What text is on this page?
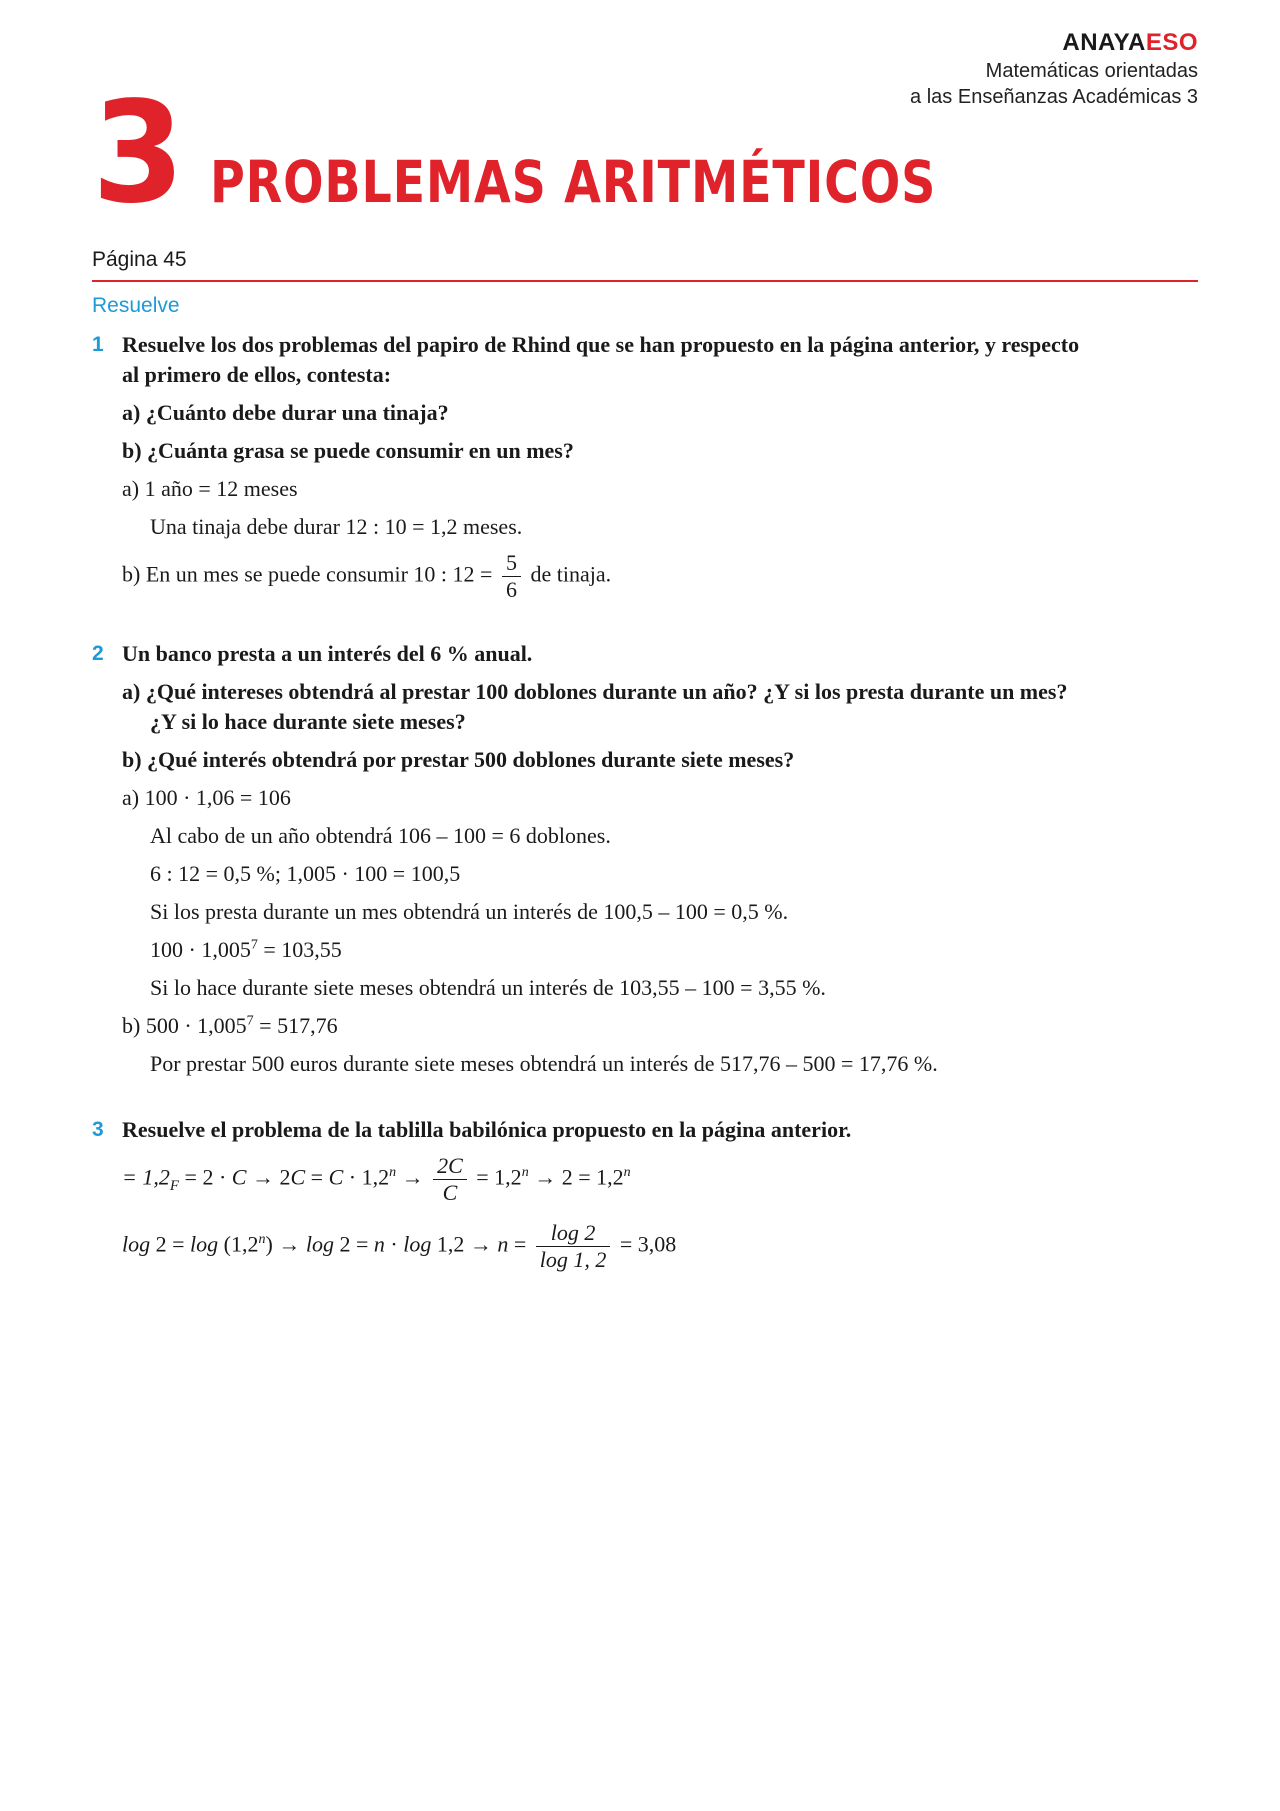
ANAYAESO
Matemáticas orientadas
a las Enseñanzas Académicas 3
3 PROBLEMAS ARITMÉTICOS
Página 45
Resuelve
1 Resuelve los dos problemas del papiro de Rhind que se han propuesto en la página anterior, y respecto al primero de ellos, contesta:

a) ¿Cuánto debe durar una tinaja?

b) ¿Cuánta grasa se puede consumir en un mes?

a) 1 año = 12 meses

Una tinaja debe durar 12 : 10 = 1,2 meses.

b) En un mes se puede consumir 10 : $12 = \frac{5}{6}$ de tinaja.

2 Un banco presta a un interés del 6 % anual.

a) ¿Qué intereses obtendrá al prestar 100 doblones durante un año? ¿Y si los presta durante un mes? ¿Y si lo hace durante siete meses?

b) ¿Qué interés obtendrá por prestar 500 doblones durante siete meses?

a) 100 · 1,06 = 106

Al cabo de un año obtendrá 106 – 100 = 6 doblones.

6 : 12 = 0,5 %; 1,005 · 100 = 100,5

Si los presta durante un mes obtendrá un interés de 100,5 – 100 = 0,5 %.

$100 \cdot 1,005^7 = 103,55$

Si lo hace durante siete meses obtendrá un interés de 103,55 – 100 = 3,55 %.

b) $500 \cdot 1,005^7 = 517,76$

Por prestar 500 euros durante siete meses obtendrá un interés de 517,76 – 500 = 17,76 %.

3 Resuelve el problema de la tablilla babilónica propuesto en la página anterior.

= $1,2_F = 2 \cdot C \to 2C = C \cdot 1,2^n \to \frac{2C}{C} = 1,2^n \to 2 = 1,2^n$

$\log 2 = \log (1,2^n) \to \log 2 = n \cdot \log 1,2 \to n = \frac{\log 2}{\log 1, 2} = 3,08$
